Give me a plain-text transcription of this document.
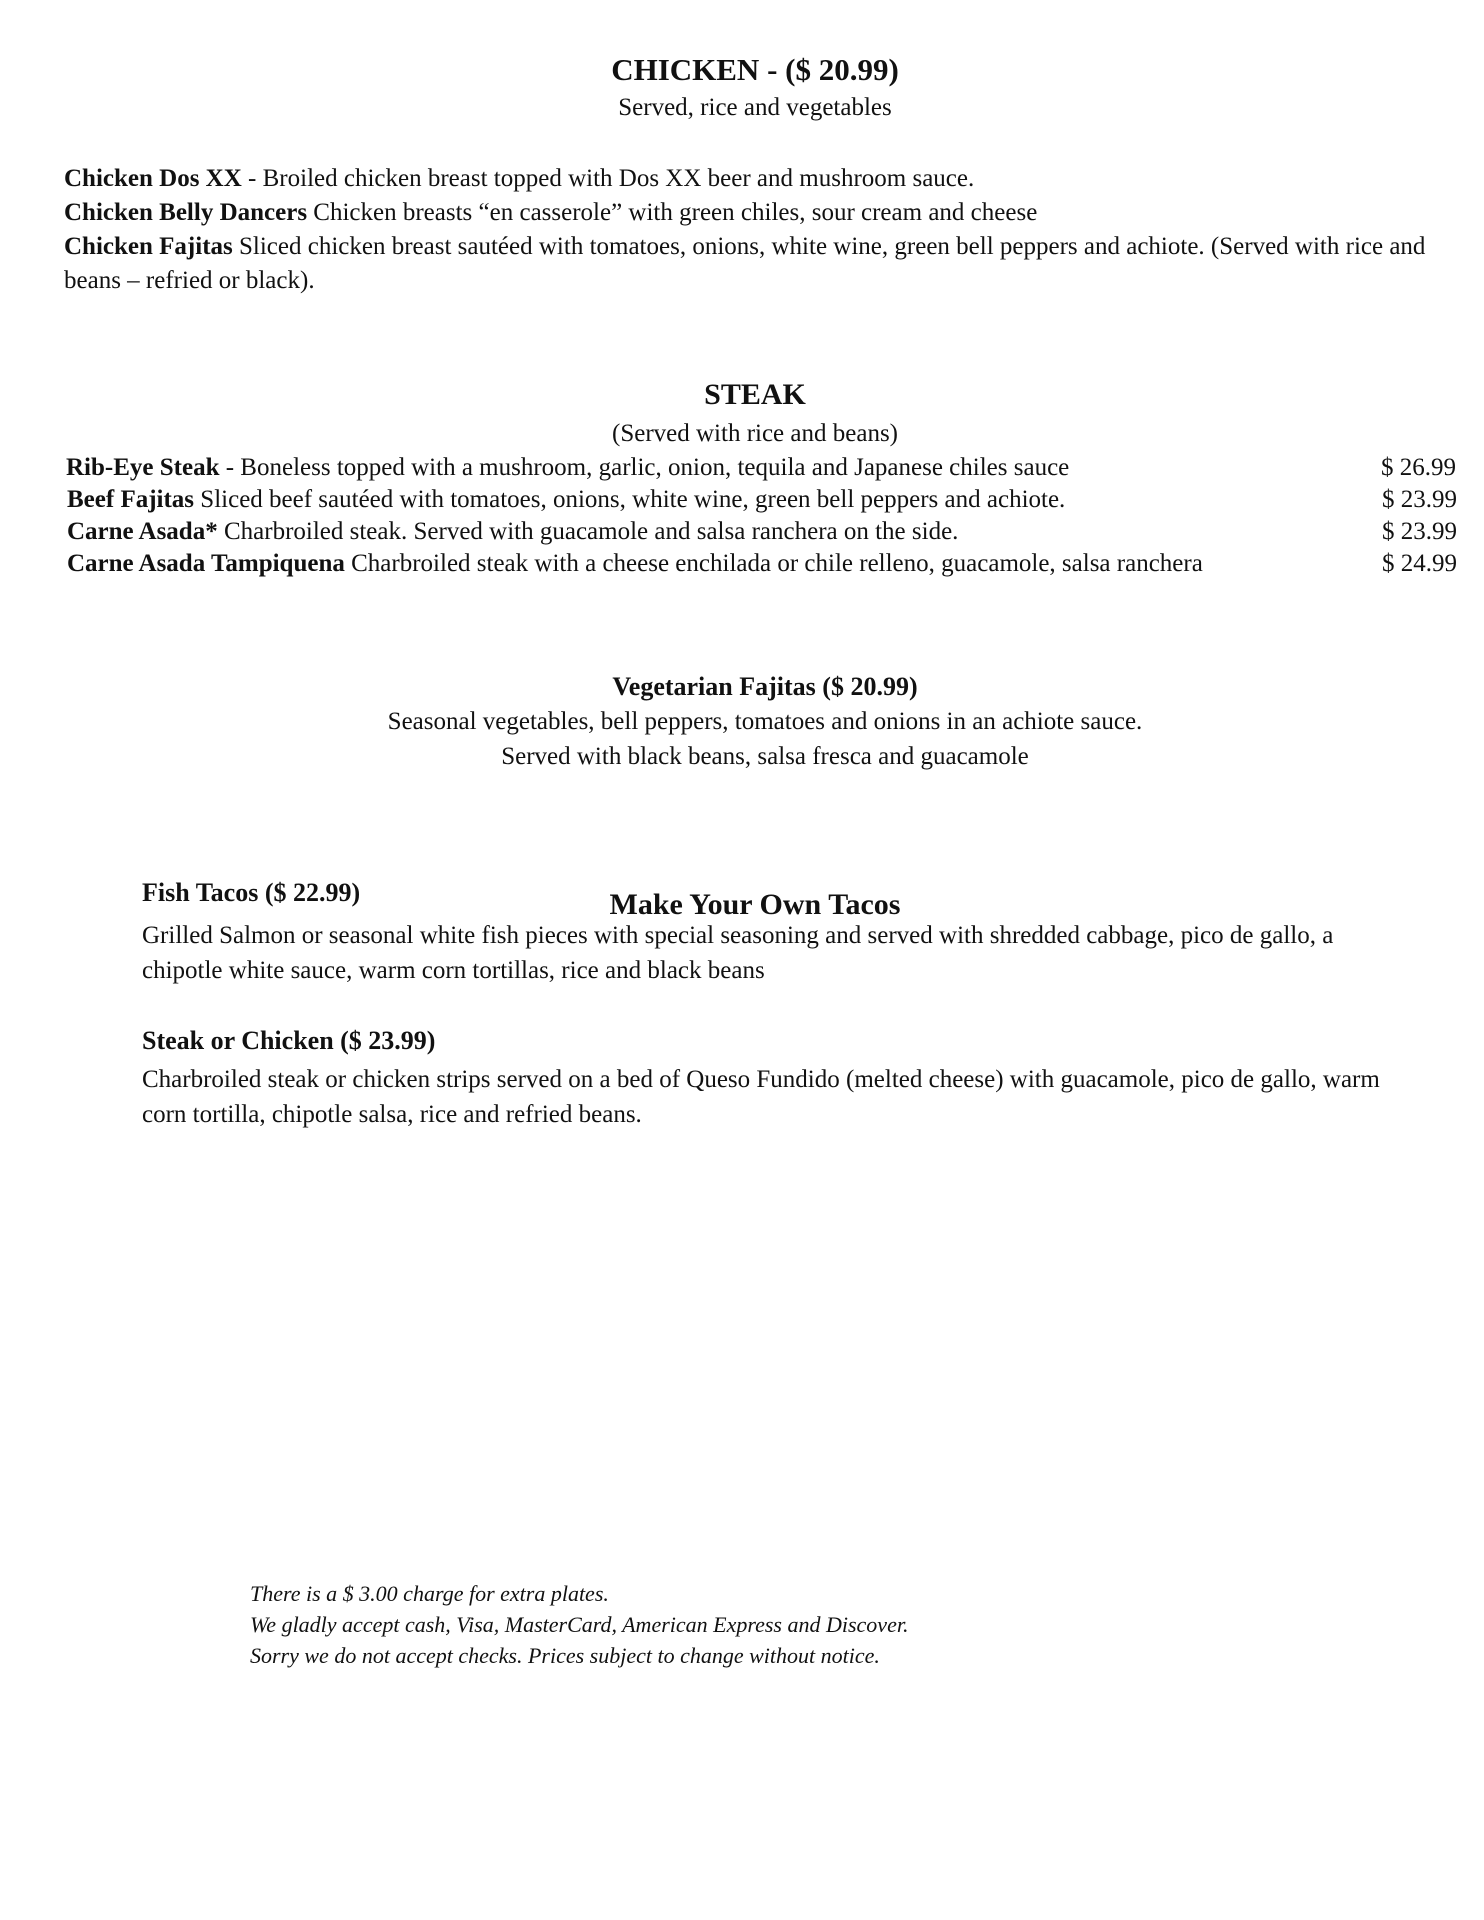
CHICKEN - ($ 20.99)
Served, rice and vegetables
Chicken Dos XX - Broiled chicken breast topped with Dos XX beer and mushroom sauce.
Chicken Belly Dancers Chicken breasts “en casserole” with green chiles, sour cream and cheese
Chicken Fajitas Sliced chicken breast sautéed with tomatoes, onions, white wine, green bell peppers and achiote. (Served with rice and beans – refried or black).
STEAK
(Served with rice and beans)
Rib-Eye Steak - Boneless topped with a mushroom, garlic, onion, tequila and Japanese chiles sauce	$ 26.99
Beef Fajitas Sliced beef sautéed with tomatoes, onions, white wine, green bell peppers and achiote.	$ 23.99
Carne Asada* Charbroiled steak. Served with guacamole and salsa ranchera on the side.	$ 23.99
Carne Asada Tampiquena Charbroiled steak with a cheese enchilada or chile relleno, guacamole, salsa ranchera	$ 24.99
Vegetarian Fajitas ($ 20.99)
Seasonal vegetables, bell peppers, tomatoes and onions in an achiote sauce.
Served with black beans, salsa fresca and guacamole
Make Your Own Tacos
Fish Tacos ($ 22.99)
Grilled Salmon or seasonal white fish pieces with special seasoning and served with shredded cabbage, pico de gallo, a chipotle white sauce, warm corn tortillas, rice and black beans
Steak or Chicken ($ 23.99)
Charbroiled steak or chicken strips served on a bed of Queso Fundido (melted cheese) with guacamole, pico de gallo, warm corn tortilla, chipotle salsa, rice and refried beans.
There is a $ 3.00 charge for extra plates.
We gladly accept cash, Visa, MasterCard, American Express and Discover.
Sorry we do not accept checks. Prices subject to change without notice.
